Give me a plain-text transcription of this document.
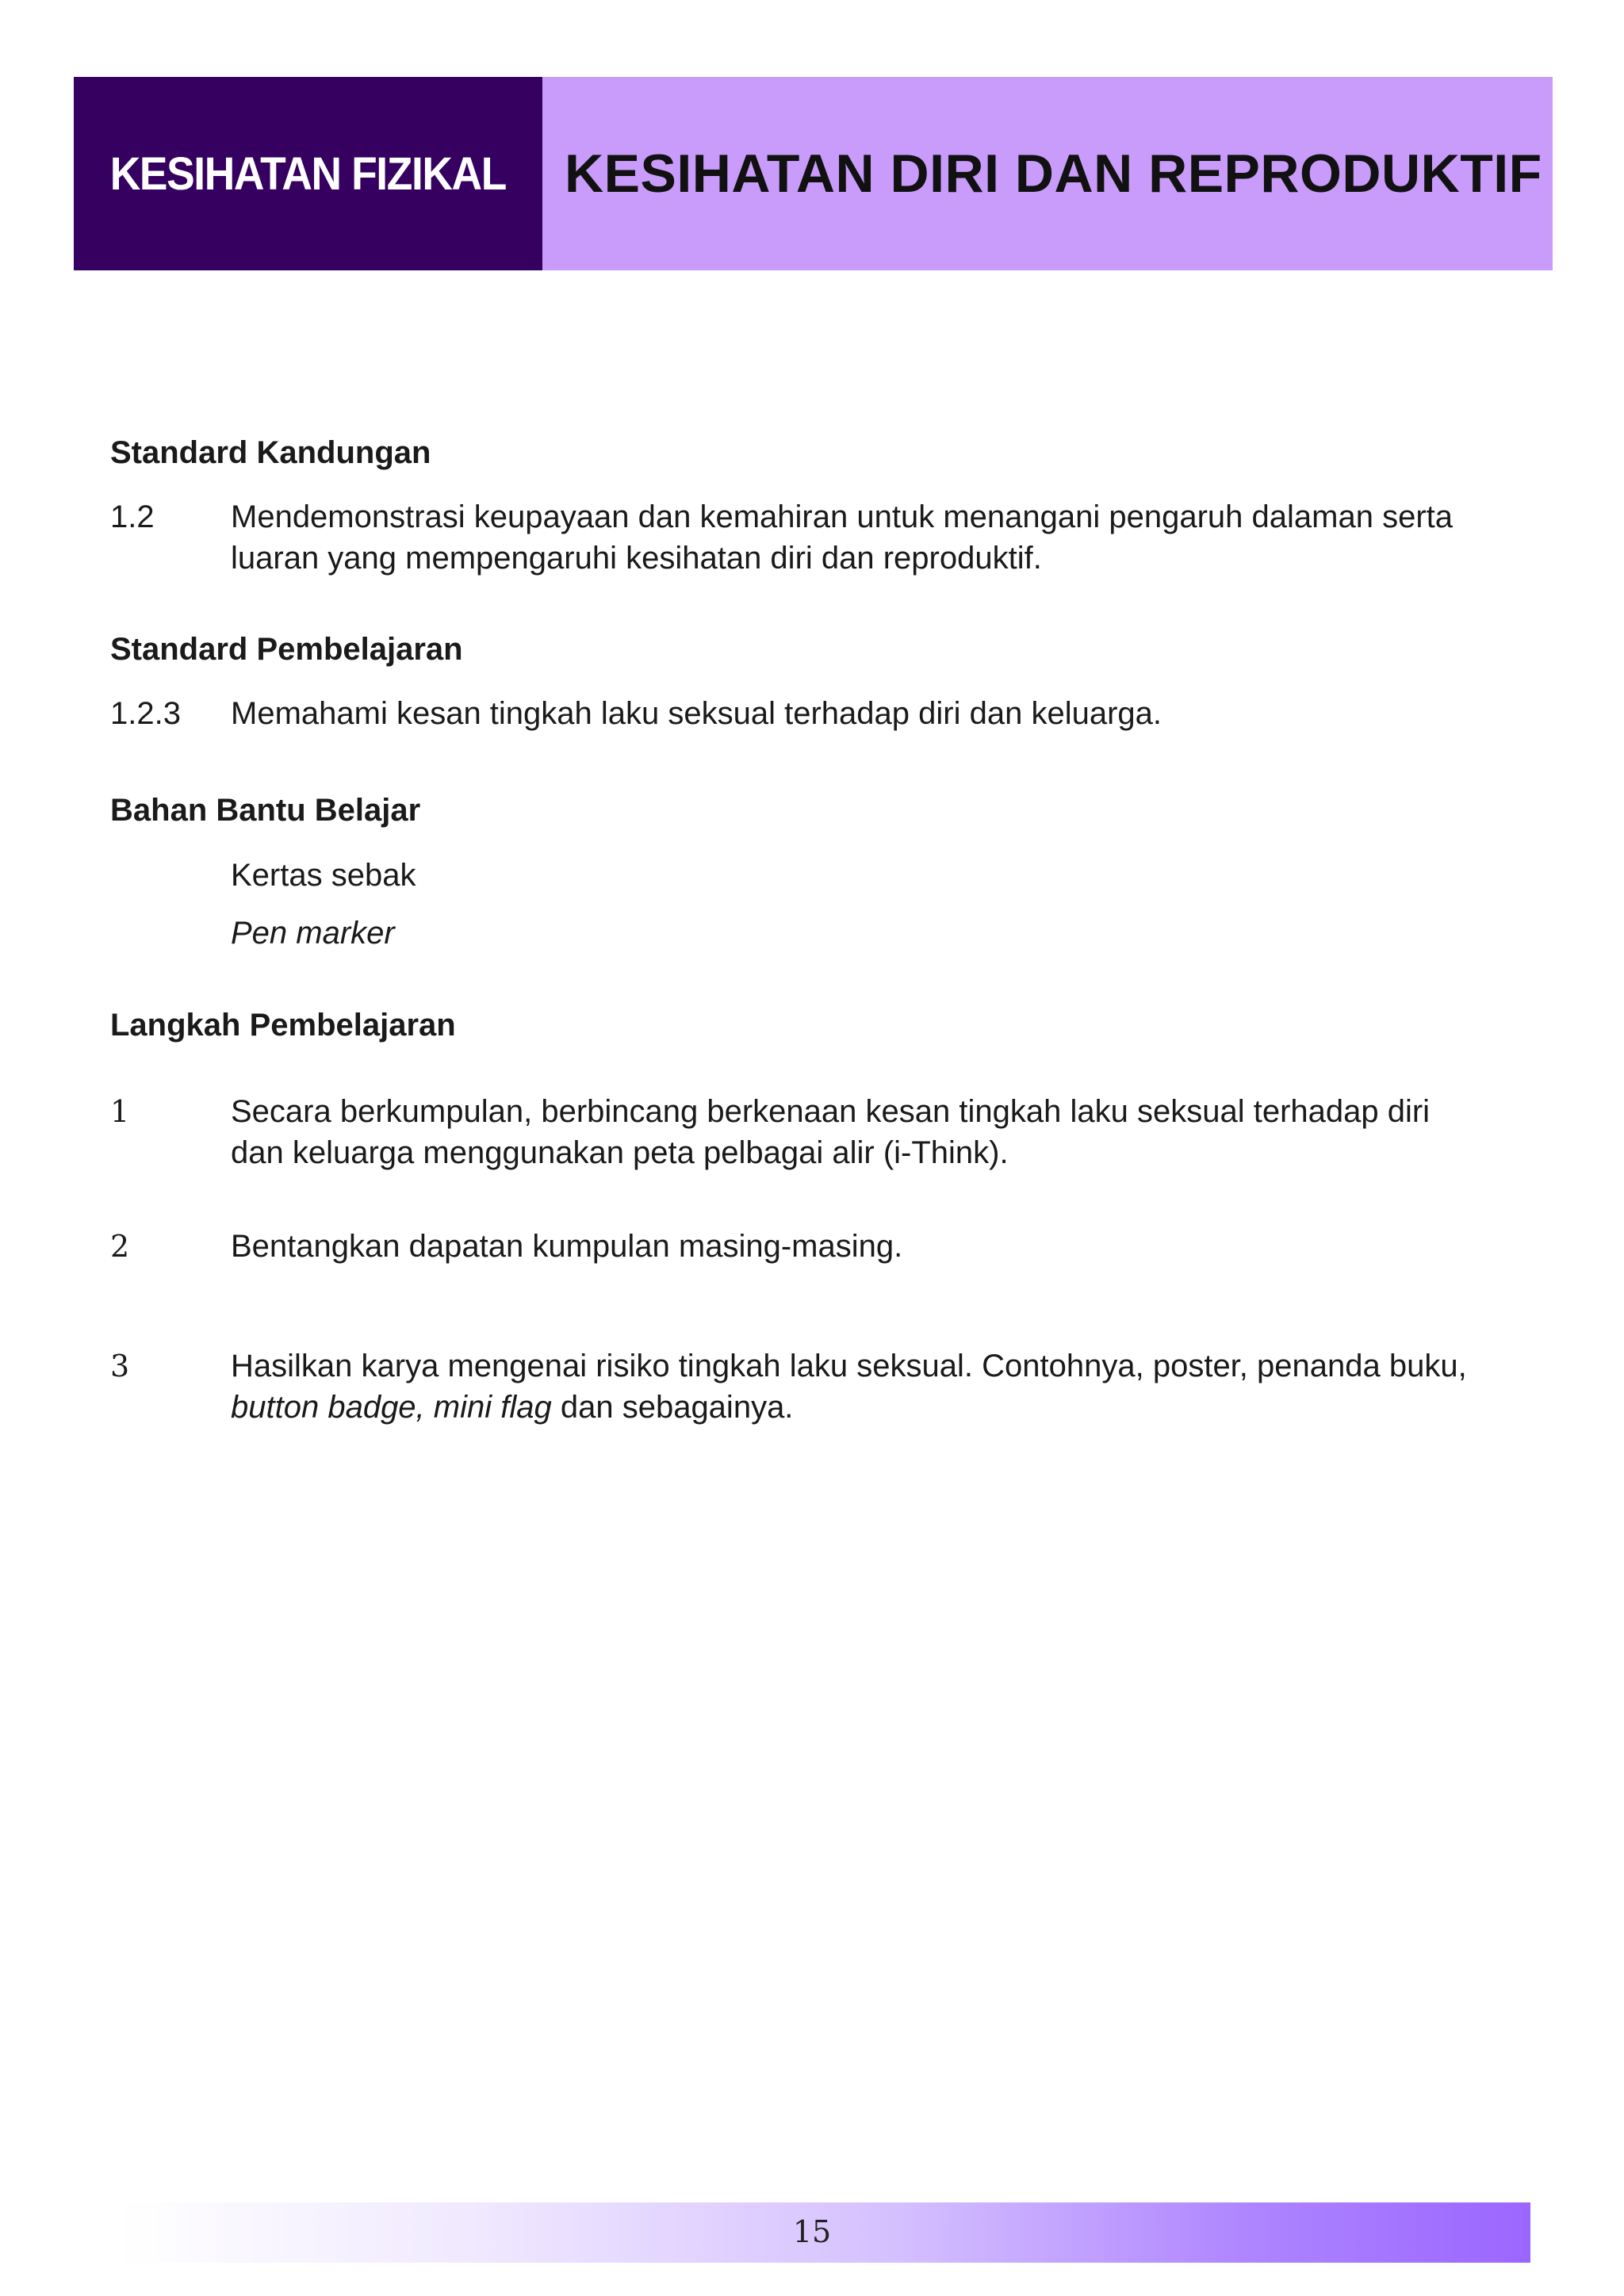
KESIHATAN FIZIKAL KESIHATAN DIRI DAN REPRODUKTIF
Standard Kandungan
1.2 Mendemonstrasi keupayaan dan kemahiran untuk menangani pengaruh dalaman serta
luaran yang mempengaruhi kesihatan diri dan reproduktif.
Standard Pembelajaran
1.2.3 Memahami kesan tingkah laku seksual terhadap diri dan keluarga.
Bahan Bantu Belajar
Kertas sebak
Pen marker
Langkah Pembelajaran
1	Secara berkumpulan, berbincang berkenaan kesan tingkah laku seksual terhadap diri
dan keluarga menggunakan peta pelbagai alir (i-Think).
2	Bentangkan dapatan kumpulan masing-masing.
3	Hasilkan karya mengenai risiko tingkah laku seksual. Contohnya, poster, penanda buku,
button badge, mini flag dan sebagainya.
15
